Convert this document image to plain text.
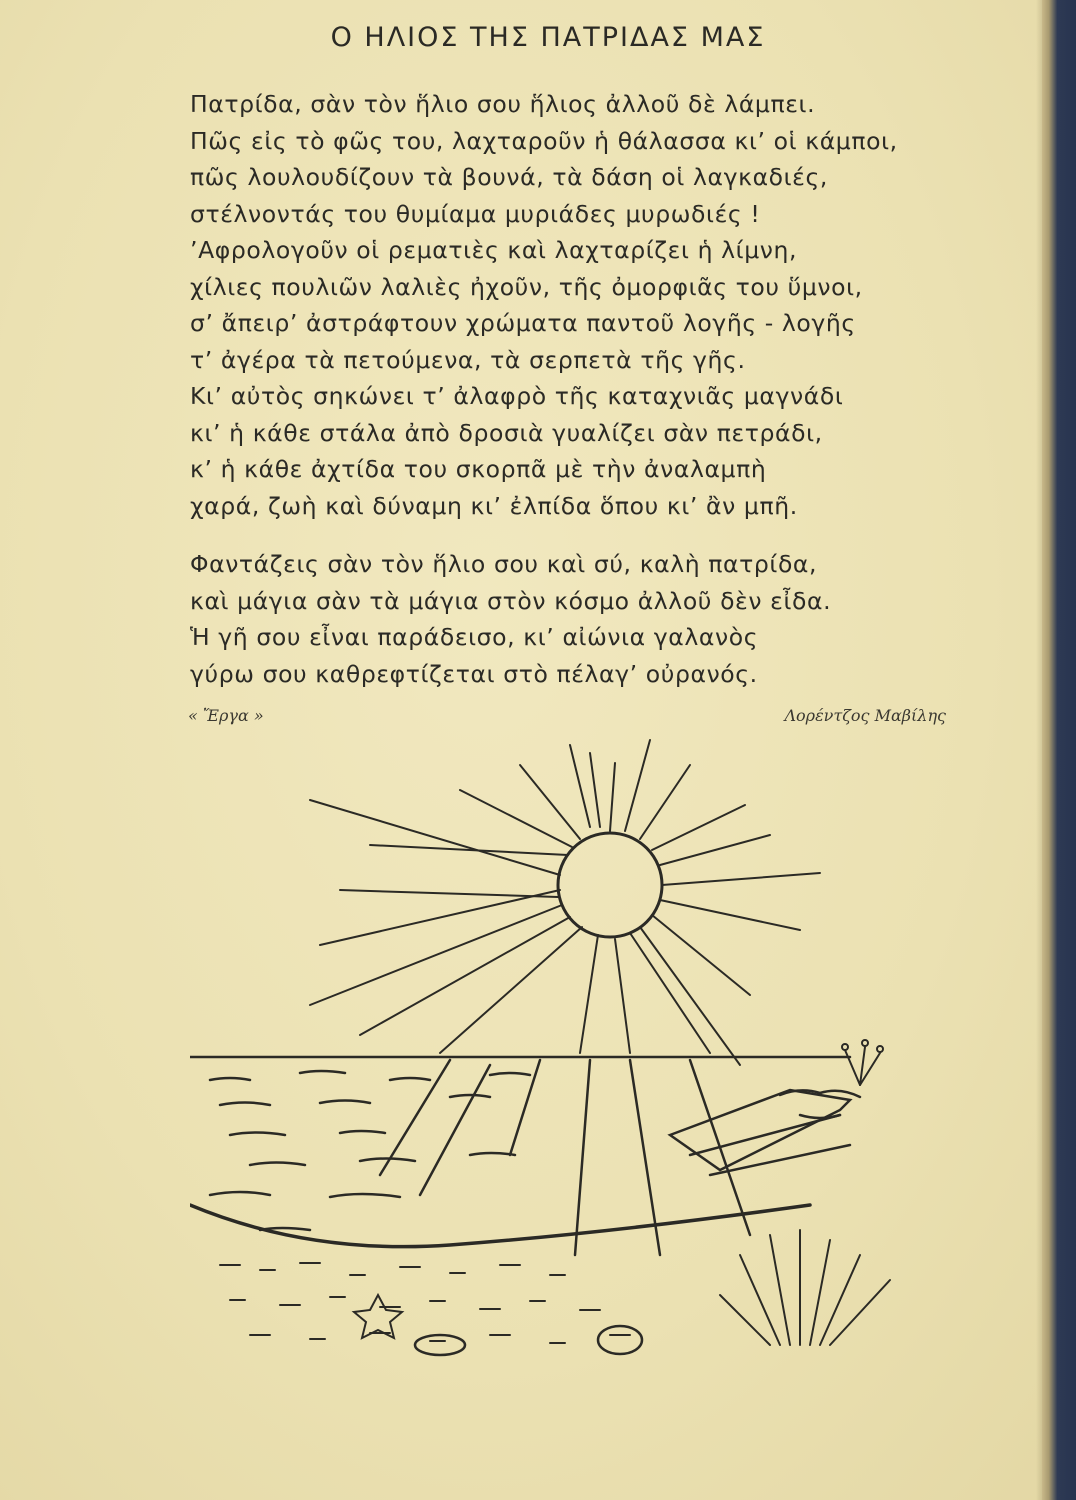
Ο ΗΛΙΟΣ ΤΗΣ ΠΑΤΡΙΔΑΣ ΜΑΣ
Πατρίδα, σὰν τὸν ἥλιο σου ἥλιος ἀλλοῦ δὲ λάμπει.
Πῶς εἰς τὸ φῶς του, λαχταροῦν ἡ θάλασσα κι’ οἱ κάμποι,
πῶς λουλουδίζουν τὰ βουνά, τὰ δάση οἱ λαγκαδιές,
στέλνοντάς του θυμίαμα μυριάδες μυρωδιές !
’Αφρολογοῦν οἱ ρεματιὲς καὶ λαχταρίζει ἡ λίμνη,
χίλιες πουλιῶν λαλιὲς ἠχοῦν, τῆς ὀμορφιᾶς του ὕμνοι,
σ’ ἄπειρ’ ἀστράφτουν χρώματα παντοῦ λογῆς - λογῆς
τ’ ἀγέρα τὰ πετούμενα, τὰ σερπετὰ τῆς γῆς.
Κι’ αὐτὸς σηκώνει τ’ ἀλαφρὸ τῆς καταχνιᾶς μαγνάδι
κι’ ἡ κάθε στάλα ἀπὸ δροσιὰ γυαλίζει σὰν πετράδι,
κ’ ἡ κάθε ἀχτίδα του σκορπᾶ μὲ τὴν ἀναλαμπὴ
χαρά, ζωὴ καὶ δύναμη κι’ ἐλπίδα ὅπου κι’ ἂν μπῆ.
Φαντάζεις σὰν τὸν ἥλιο σου καὶ σύ, καλὴ πατρίδα,
καὶ μάγια σὰν τὰ μάγια στὸν κόσμο ἀλλοῦ δὲν εἶδα.
Ἡ γῆ σου εἶναι παράδεισο, κι’ αἰώνια γαλανὸς
γύρω σου καθρεφτίζεται στὸ πέλαγ’ οὐρανός.
« Ἔργα »	Λορέντζος Μαβίλης
